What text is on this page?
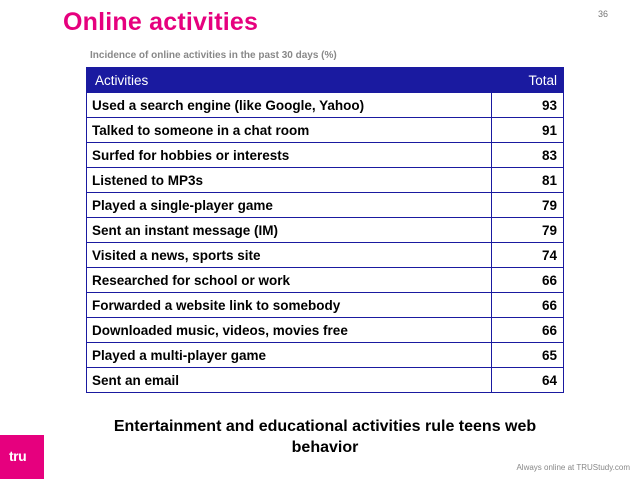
Online activities	36
Incidence of online activities in the past 30 days (%)
Activities	Total
Used a search engine (like Google, Yahoo)	93
Talked to someone in a chat room	91
Surfed for hobbies or interests	83
Listened to MP3s	81
Played a single-player game	79
Sent an instant message (IM)	79
Visited a news, sports site	74
Researched for school or work	66
Forwarded a website link to somebody	66
Downloaded music, videos, movies free	66
Played a multi-player game	65
Sent an email	64
Entertainment and educational activities rule teens web behavior
tru
Always online at TRUStudy.com
